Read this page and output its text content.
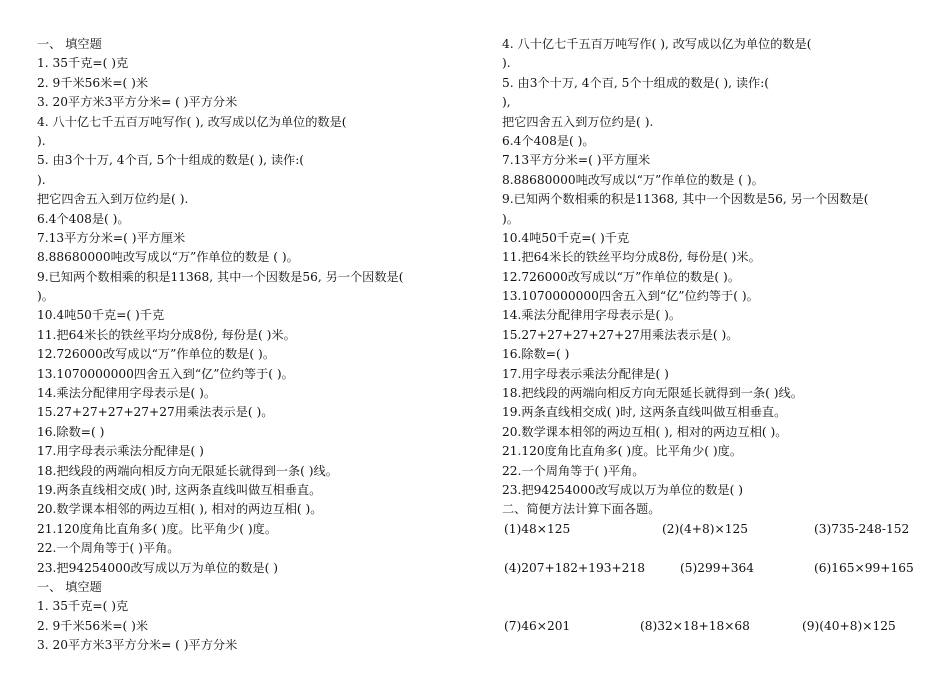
一、 填空题
1. 35千克=( )克
2. 9千米56米=( )米
3. 20平方米3平方分米= ( )平方分米
4. 八十亿七千五百万吨写作( ), 改写成以亿为单位的数是(
).
5. 由3个十万, 4个百, 5个十组成的数是( ), 读作:(
).
把它四舍五入到万位约是( ).
6.4个408是( )。
7.13平方分米=( )平方厘米
8.88680000吨改写成以“万”作单位的数是 ( )。
9.已知两个数相乘的积是11368, 其中一个因数是56, 另一个因数是(
)。
10.4吨50千克=( )千克
11.把64米长的铁丝平均分成8份, 每份是( )米。
12.726000改写成以“万”作单位的数是( )。
13.1070000000四舍五入到“亿”位约等于( )。
14.乘法分配律用字母表示是( )。
15.27+27+27+27+27用乘法表示是( )。
16.除数=( )
17.用字母表示乘法分配律是( )
18.把线段的两端向相反方向无限延长就得到一条( )线。
19.两条直线相交成( )时, 这两条直线叫做互相垂直。
20.数学课本相邻的两边互相( ), 相对的两边互相( )。
21.120度角比直角多( )度。比平角少( )度。
22.一个周角等于( )平角。
23.把94254000改写成以万为单位的数是( )
一、 填空题
1. 35千克=( )克
2. 9千米56米=( )米
3. 20平方米3平方分米= ( )平方分米
4. 八十亿七千五百万吨写作( ), 改写成以亿为单位的数是(
).
5. 由3个十万, 4个百, 5个十组成的数是( ), 读作:(
),
把它四舍五入到万位约是( ).
6.4个408是( )。
7.13平方分米=( )平方厘米
8.88680000吨改写成以“万”作单位的数是 ( )。
9.已知两个数相乘的积是11368, 其中一个因数是56, 另一个因数是(
)。
10.4吨50千克=( )千克
11.把64米长的铁丝平均分成8份, 每份是( )米。
12.726000改写成以“万”作单位的数是( )。
13.1070000000四舍五入到“亿”位约等于( )。
14.乘法分配律用字母表示是( )。
15.27+27+27+27+27用乘法表示是( )。
16.除数=( )
17.用字母表示乘法分配律是( )
18.把线段的两端向相反方向无限延长就得到一条( )线。
19.两条直线相交成( )时, 这两条直线叫做互相垂直。
20.数学课本相邻的两边互相( ), 相对的两边互相( )。
21.120度角比直角多( )度。比平角少( )度。
22.一个周角等于( )平角。
23.把94254000改写成以万为单位的数是( )
二、简便方法计算下面各题。
(1)48×125	(2)(4+8)×125	(3)735-248-152
(4)207+182+193+218	(5)299+364	(6)165×99+165
(7)46×201	(8)32×18+18×68	(9)(40+8)×125
